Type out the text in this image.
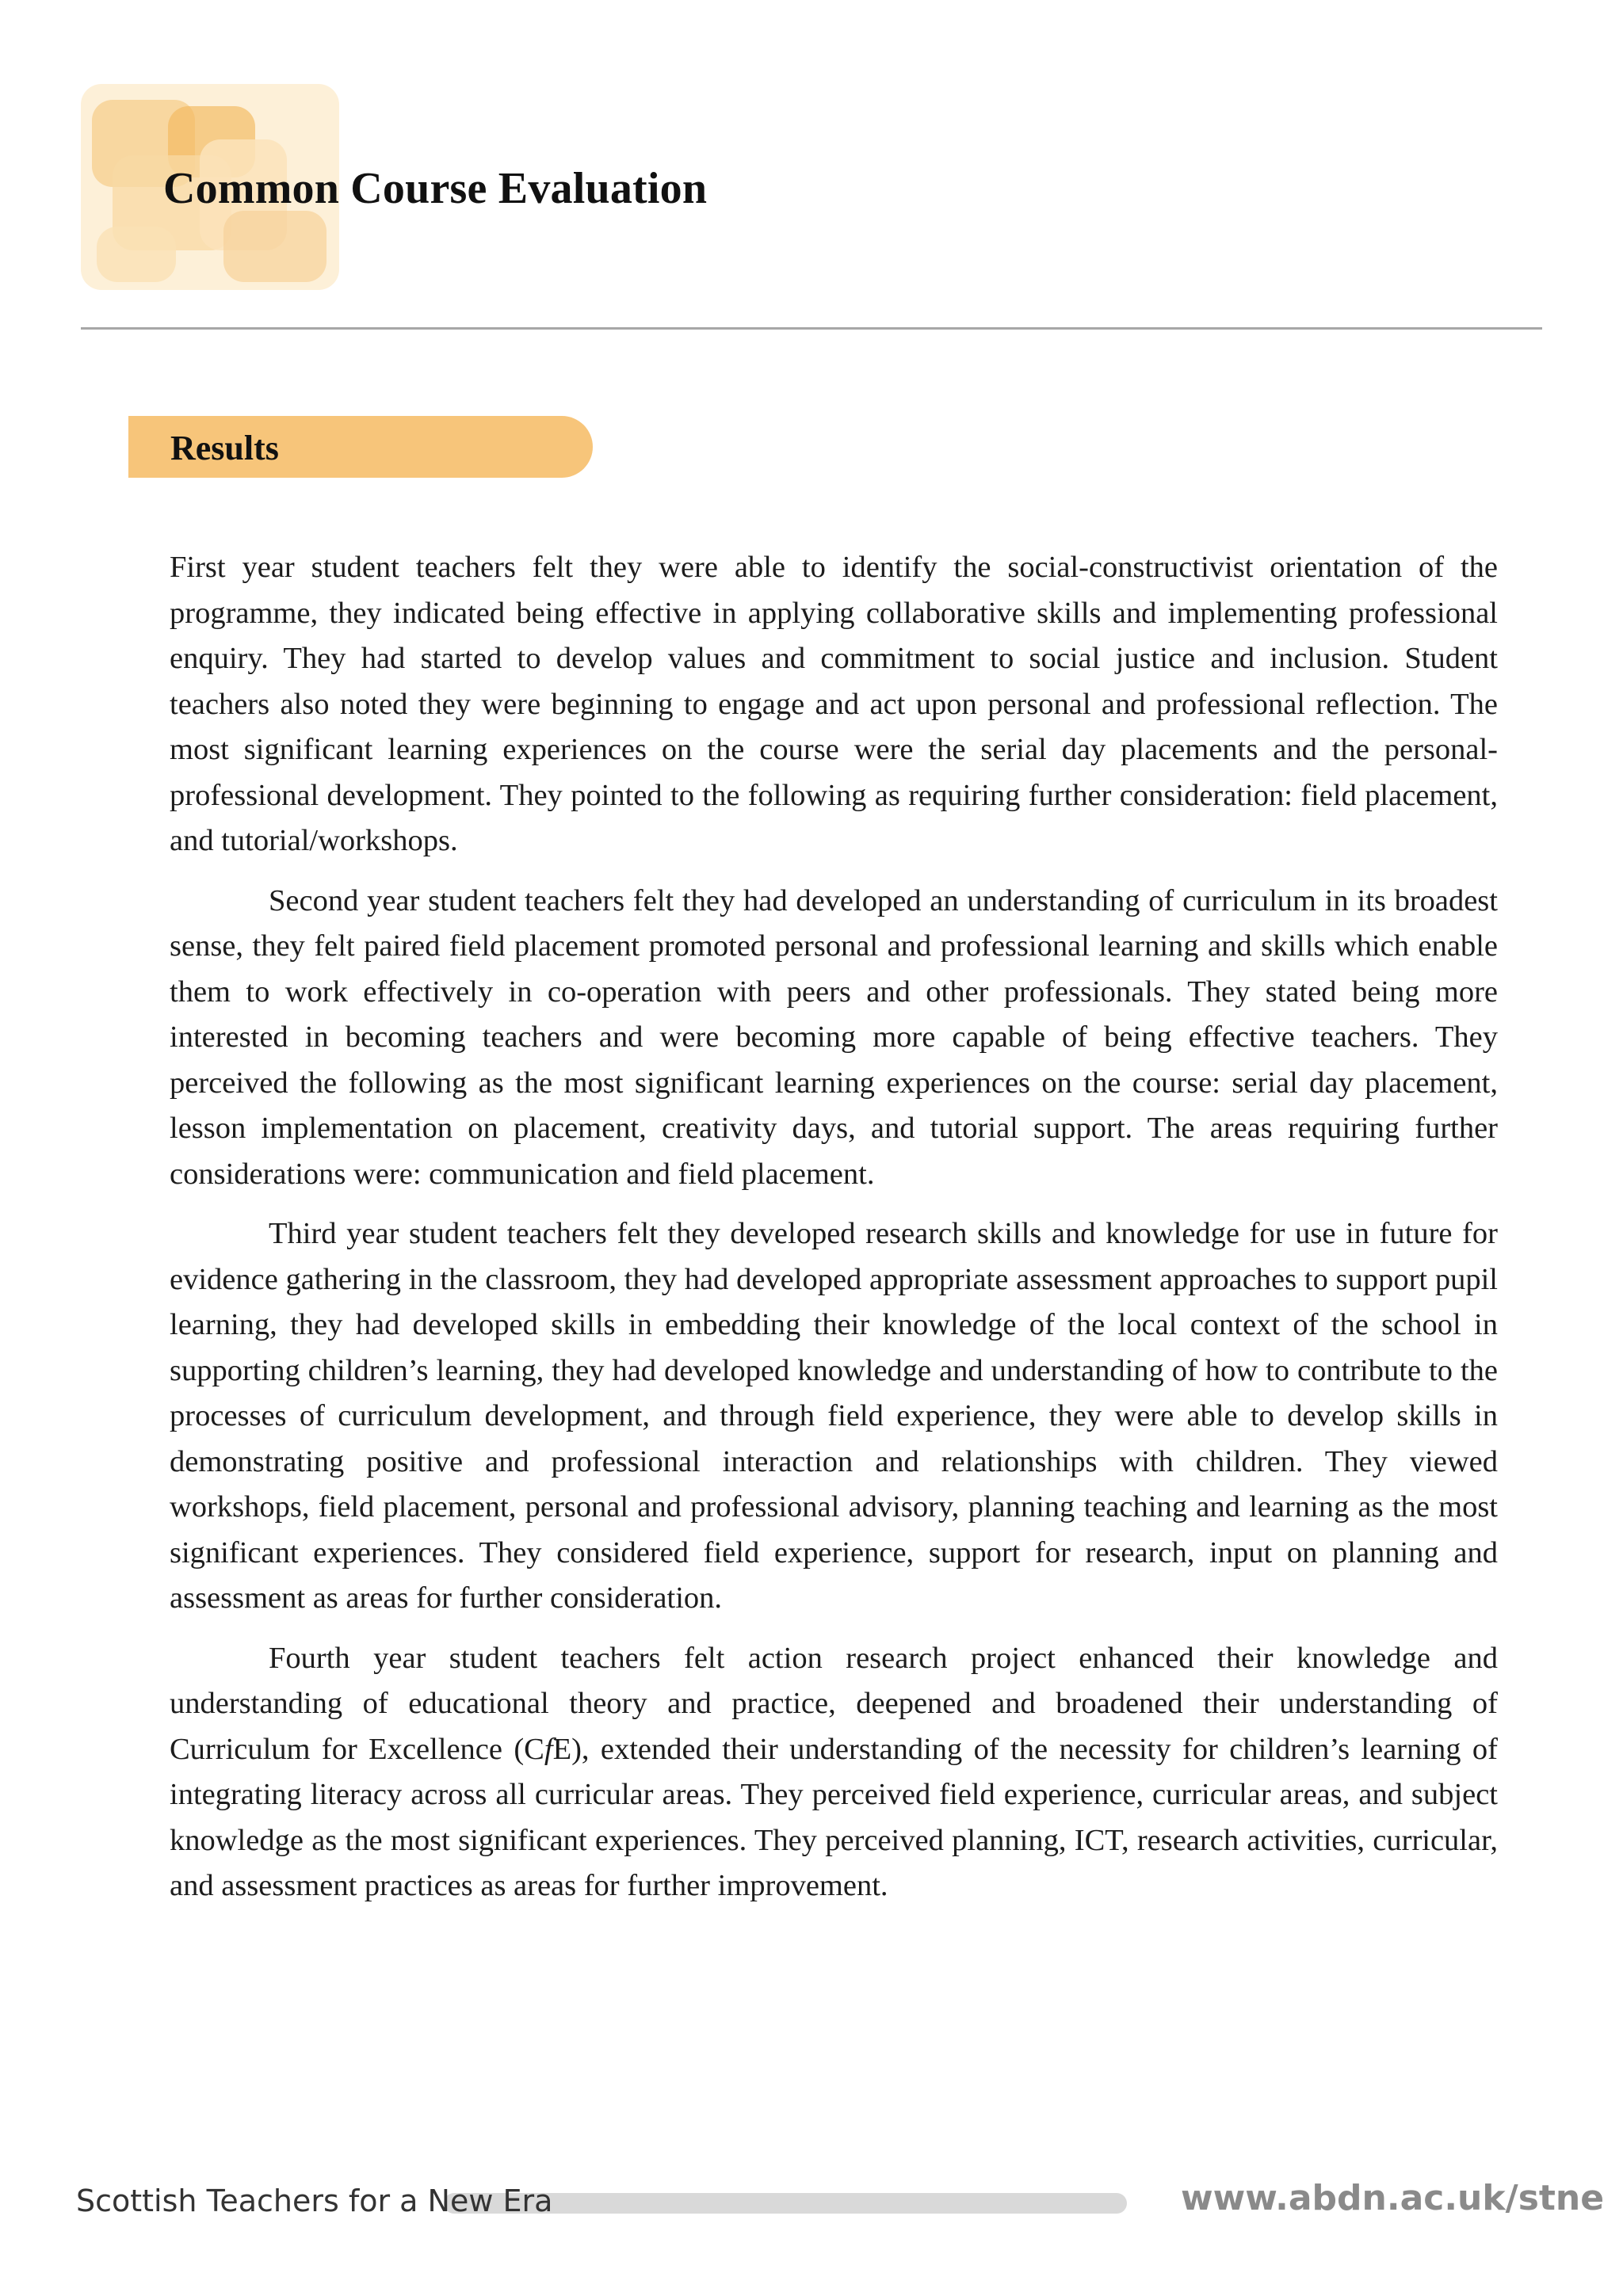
Common Course Evaluation
Results

First year student teachers felt they were able to identify the social-constructivist orientation of the programme, they indicated being effective in applying collaborative skills and implementing professional enquiry. They had started to develop values and commitment to social justice and inclusion. Student teachers also noted they were beginning to engage and act upon personal and professional reflection. The most significant learning experiences on the course were the serial day placements and the personal-professional development. They pointed to the following as requiring further consideration: field placement, and tutorial/workshops.

Second year student teachers felt they had developed an understanding of curriculum in its broadest sense, they felt paired field placement promoted personal and professional learning and skills which enable them to work effectively in co-operation with peers and other professionals. They stated being more interested in becoming teachers and were becoming more capable of being effective teachers. They perceived the following as the most significant learning experiences on the course: serial day placement, lesson implementation on placement, creativity days, and tutorial support. The areas requiring further considerations were: communication and field placement.

Third year student teachers felt they developed research skills and knowledge for use in future for evidence gathering in the classroom, they had developed appropriate assessment approaches to support pupil learning, they had developed skills in embedding their knowledge of the local context of the school in supporting children’s learning, they had developed knowledge and understanding of how to contribute to the processes of curriculum development, and through field experience, they were able to develop skills in demonstrating positive and professional interaction and relationships with children. They viewed workshops, field placement, personal and professional advisory, planning teaching and learning as the most significant experiences. They considered field experience, support for research, input on planning and assessment as areas for further consideration.

Fourth year student teachers felt action research project enhanced their knowledge and understanding of educational theory and practice, deepened and broadened their understanding of Curriculum for Excellence (CfE), extended their understanding of the necessity for children’s learning of integrating literacy across all curricular areas. They perceived field experience, curricular areas, and subject knowledge as the most significant experiences. They perceived planning, ICT, research activities, curricular, and assessment practices as areas for further improvement.

Scottish Teachers for a New Era	www.abdn.ac.uk/stne
